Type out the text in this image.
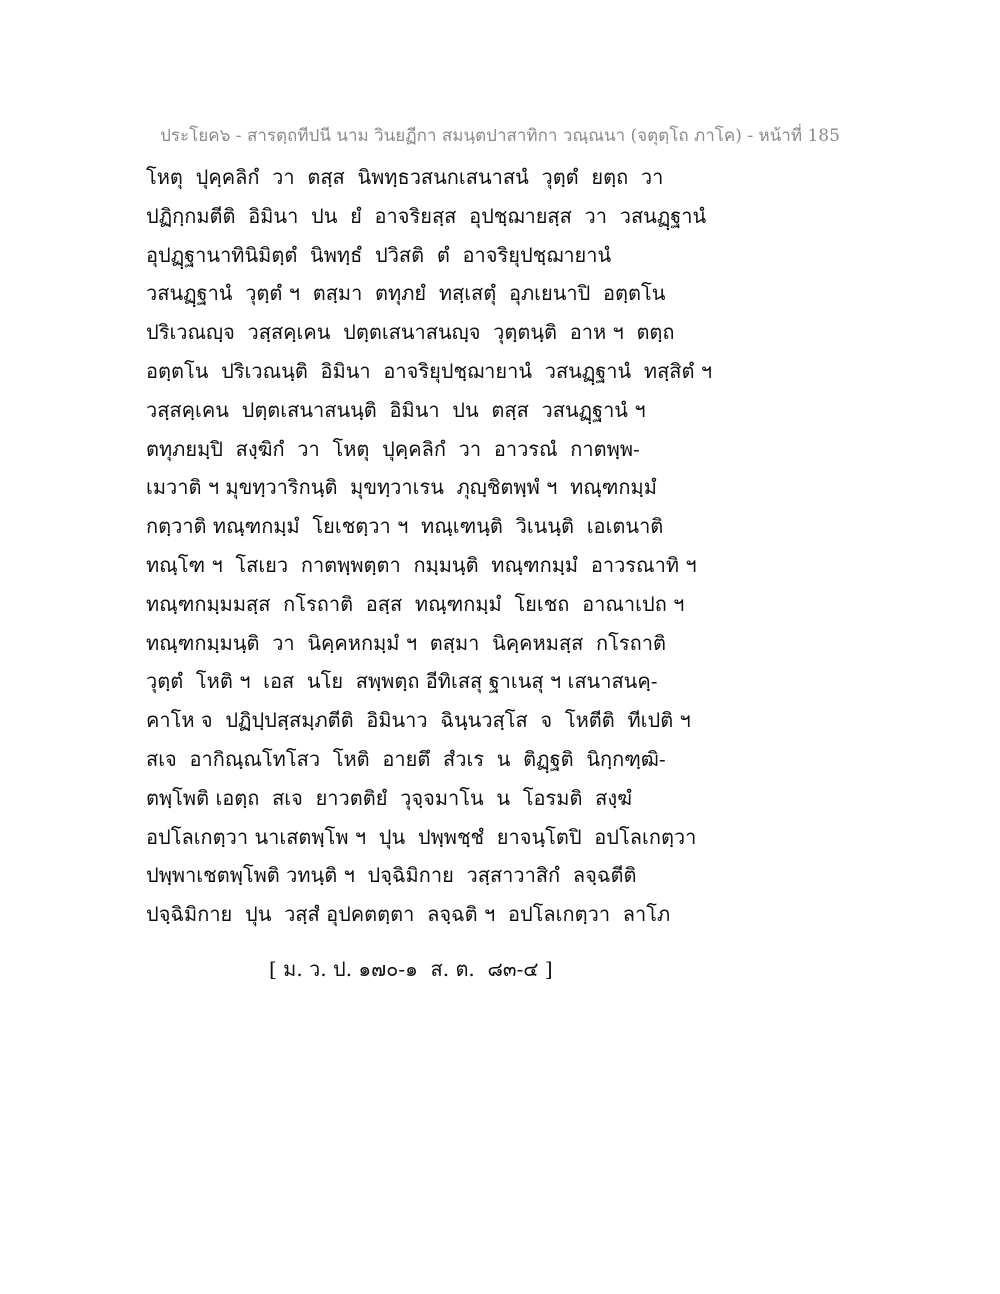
ประโยค๖ - สารตฺถทีปนี นาม วินยฏีกา สมนฺตปาสาทิกา วณฺณนา (จตุตฺโถ ภาโค) - หน้าที่ 185
โหตุ  ปุคฺคลิกํ  วา  ตสฺส  นิพทฺธวสนกเสนาสนํ  วุตฺตํ  ยตฺถ  วา
ปฏิกฺกมตีติ  อิมินา  ปน  ยํ  อาจริยสฺส  อุปชฺฌายสฺส  วา  วสนฏฺฐานํ
อุปฏฺฐานาทินิมิตฺตํ  นิพทฺธํ  ปวิสติ  ตํ  อาจริยุปชฺฌายานํ
วสนฏฺฐานํ  วุตฺตํ ฯ  ตสฺมา  ตทุภยํ  ทสฺเสตุํ  อุภเยนาปิ  อตฺตโน
ปริเวณญฺจ  วสฺสคฺเคน  ปตฺตเสนาสนญฺจ  วุตฺตนฺติ  อาห ฯ  ตตฺถ
อตฺตโน  ปริเวณนฺติ  อิมินา  อาจริยุปชฺฌายานํ  วสนฏฺฐานํ  ทสฺสิตํ ฯ
วสฺสคฺเคน  ปตฺตเสนาสนนฺติ  อิมินา  ปน  ตสฺส  วสนฏฺฐานํ ฯ
ตทุภยมฺปิ  สงฺฆิกํ  วา  โหตุ  ปุคฺคลิกํ  วา  อาวรณํ  กาตพฺพ-
เมวาติ ฯ มุขทฺวาริกนฺติ  มุขทฺวาเรน  ภุญฺชิตพฺพํ ฯ  ทณฺฑกมฺมํ
กตฺวาติ ทณฺฑกมฺมํ  โยเชตฺวา ฯ  ทณฺเฑนฺติ  วิเนนฺติ  เอเตนาติ
ทณฺโฑ ฯ  โสเยว  กาตพฺพตฺตา  กมฺมนฺติ  ทณฺฑกมฺมํ  อาวรณาทิ ฯ
ทณฺฑกมฺมมสฺส  กโรถาติ  อสฺส  ทณฺฑกมฺมํ  โยเชถ  อาณาเปถ ฯ
ทณฺฑกมฺมนฺติ  วา  นิคฺคหกมฺมํ ฯ  ตสฺมา  นิคฺคหมสฺส  กโรถาติ
วุตฺตํ  โหติ ฯ  เอส  นโย  สพฺพตฺถ อีทิเสสุ ฐาเนสุ ฯ เสนาสนคฺ-
คาโห จ  ปฏิปฺปสฺสมฺภตีติ  อิมินาว  ฉินฺนวสฺโส  จ  โหตีติ  ทีเปติ ฯ
สเจ  อากิณฺณโทโสว  โหติ  อายตึ  สํวเร  น  ติฏฺฐติ  นิกฺกฑฺฒิ-
ตพฺโพติ เอตฺถ  สเจ  ยาวตติยํ  วุจฺจมาโน  น  โอรมติ  สงฺฆํ
อปโลเกตฺวา นาเสตพฺโพ ฯ  ปุน  ปพฺพชฺชํ  ยาจนฺโตปิ  อปโลเกตฺวา
ปพฺพาเชตพฺโพติ วทนฺติ ฯ  ปจฺฉิมิกาย  วสฺสาวาสิกํ  ลจฺฉตีติ
ปจฺฉิมิกาย  ปุน  วสฺสํ อุปคตตฺตา  ลจฺฉติ ฯ  อปโลเกตฺวา  ลาโภ
[ ม. ว. ป. ๑๗๐-๑  ส. ต.  ๘๓-๔ ]
